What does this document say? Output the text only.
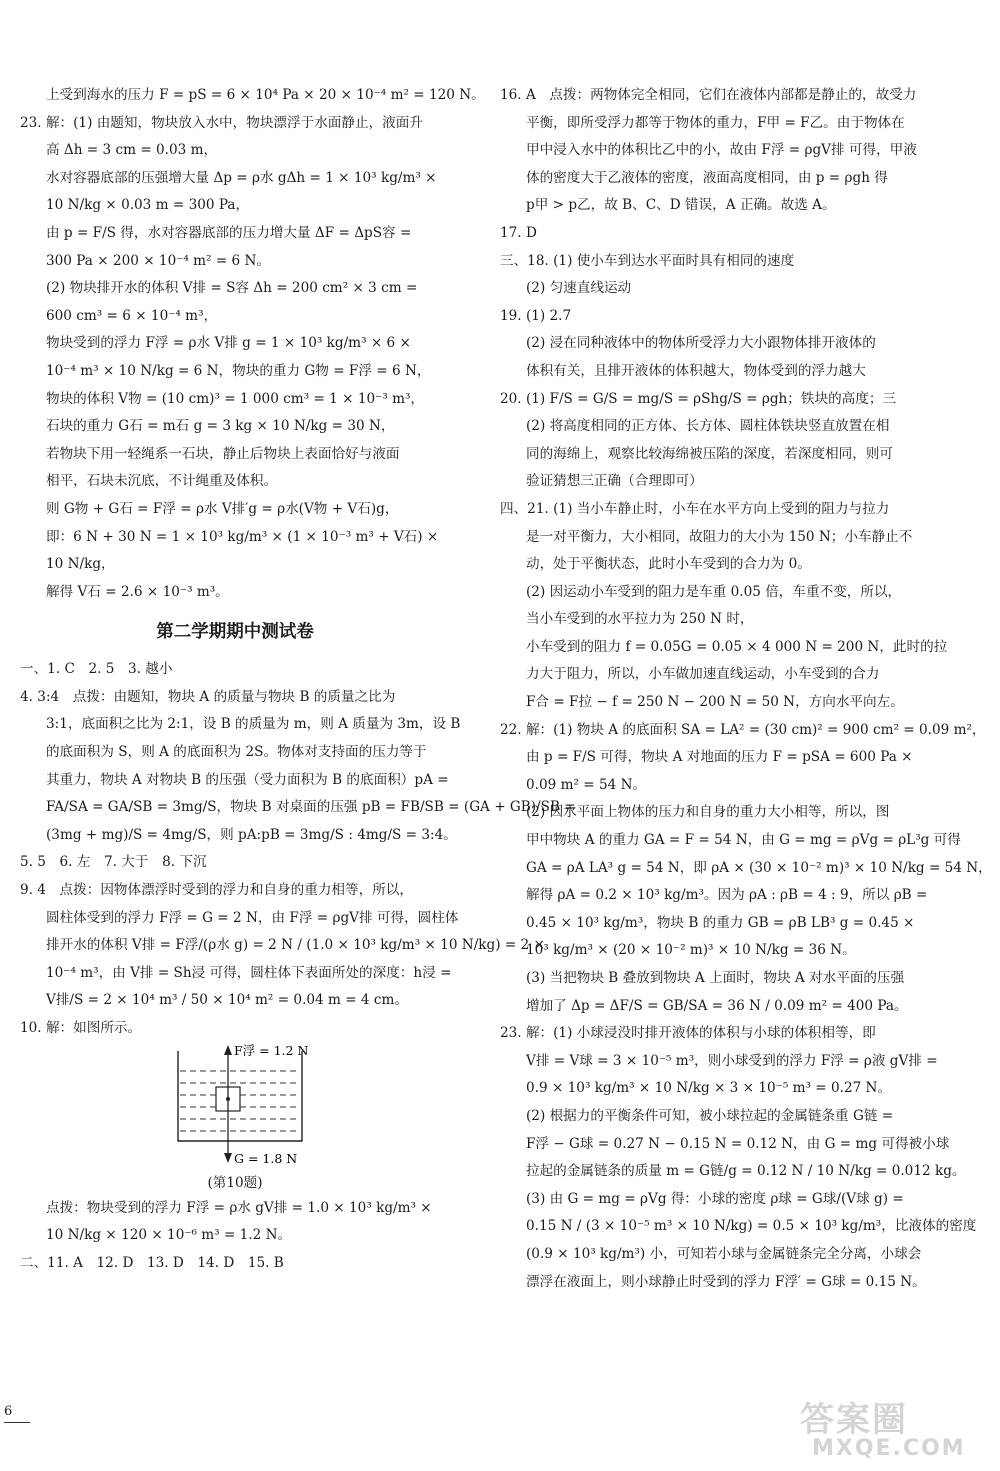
上受到海水的压力 F = pS = 6 × 10⁴ Pa × 20 × 10⁻⁴ m² = 120 N。
23. 解：(1) 由题知，物块放入水中，物块漂浮于水面静止，液面升
高 Δh = 3 cm = 0.03 m，
水对容器底部的压强增大量 Δp = ρ水 gΔh = 1 × 10³ kg/m³ ×
10 N/kg × 0.03 m = 300 Pa，
由 p = F/S 得，水对容器底部的压力增大量 ΔF = ΔpS容 =
300 Pa × 200 × 10⁻⁴ m² = 6 N。
(2) 物块排开水的体积 V排 = S容 Δh = 200 cm² × 3 cm =
600 cm³ = 6 × 10⁻⁴ m³，
物块受到的浮力 F浮 = ρ水 V排 g = 1 × 10³ kg/m³ × 6 ×
10⁻⁴ m³ × 10 N/kg = 6 N，物块的重力 G物 = F浮 = 6 N，
物块的体积 V物 = (10 cm)³ = 1 000 cm³ = 1 × 10⁻³ m³，
石块的重力 G石 = m石 g = 3 kg × 10 N/kg = 30 N，
若物块下用一轻绳系一石块，静止后物块上表面恰好与液面
相平，石块未沉底，不计绳重及体积。
则 G物 + G石 = F浮 = ρ水 V排′g = ρ水(V物 + V石)g，
即：6 N + 30 N = 1 × 10³ kg/m³ × (1 × 10⁻³ m³ + V石) ×
10 N/kg，
解得 V石 = 2.6 × 10⁻³ m³。
第二学期期中测试卷
一、1. C　2. 5　3. 越小
4. 3:4　点拨：由题知，物块 A 的质量与物块 B 的质量之比为
3:1，底面积之比为 2:1，设 B 的质量为 m，则 A 质量为 3m，设 B
的底面积为 S，则 A 的底面积为 2S。物体对支持面的压力等于
其重力，物块 A 对物块 B 的压强（受力面积为 B 的底面积）pA =
FA/SA = GA/SB = 3mg/S，物块 B 对桌面的压强 pB = FB/SB = (GA + GB)/SB =
(3mg + mg)/S = 4mg/S，则 pA:pB = 3mg/S : 4mg/S = 3:4。
5. 5　6. 左　7. 大于　8. 下沉
9. 4　点拨：因物体漂浮时受到的浮力和自身的重力相等，所以，
圆柱体受到的浮力 F浮 = G = 2 N，由 F浮 = ρgV排 可得，圆柱体
排开水的体积 V排 = F浮/(ρ水 g) = 2 N / (1.0 × 10³ kg/m³ × 10 N/kg) = 2 ×
10⁻⁴ m³，由 V排 = Sh浸 可得，圆柱体下表面所处的深度：h浸 =
V排/S = 2 × 10⁴ m³ / 50 × 10⁴ m² = 0.04 m = 4 cm。
10. 解：如图所示。
F浮 = 1.2 N
G = 1.8 N
(第10题)
点拨：物块受到的浮力 F浮 = ρ水 gV排 = 1.0 × 10³ kg/m³ ×
10 N/kg × 120 × 10⁻⁶ m³ = 1.2 N。
二、11. A　12. D　13. D　14. D　15. B
16. A　点拨：两物体完全相同，它们在液体内部都是静止的，故受力
平衡，即所受浮力都等于物体的重力，F甲 = F乙。由于物体在
甲中浸入水中的体积比乙中的小，故由 F浮 = ρgV排 可得，甲液
体的密度大于乙液体的密度，液面高度相同，由 p = ρgh 得
p甲 > p乙，故 B、C、D 错误，A 正确。故选 A。
17. D
三、18. (1) 使小车到达水平面时具有相同的速度
(2) 匀速直线运动
19. (1) 2.7
(2) 浸在同种液体中的物体所受浮力大小跟物体排开液体的
体积有关，且排开液体的体积越大，物体受到的浮力越大
20. (1) F/S = G/S = mg/S = ρShg/S = ρgh；铁块的高度；三
(2) 将高度相同的正方体、长方体、圆柱体铁块竖直放置在相
同的海绵上，观察比较海绵被压陷的深度，若深度相同，则可
验证猜想三正确（合理即可）
四、21. (1) 当小车静止时，小车在水平方向上受到的阻力与拉力
是一对平衡力，大小相同，故阻力的大小为 150 N；小车静止不
动，处于平衡状态，此时小车受到的合力为 0。
(2) 因运动小车受到的阻力是车重 0.05 倍，车重不变，所以，
当小车受到的水平拉力为 250 N 时，
小车受到的阻力 f = 0.05G = 0.05 × 4 000 N = 200 N，此时的拉
力大于阻力，所以，小车做加速直线运动，小车受到的合力
F合 = F拉 − f = 250 N − 200 N = 50 N，方向水平向左。
22. 解：(1) 物块 A 的底面积 SA = LA² = (30 cm)² = 900 cm² = 0.09 m²，
由 p = F/S 可得，物块 A 对地面的压力 F = pSA = 600 Pa ×
0.09 m² = 54 N。
(2) 因水平面上物体的压力和自身的重力大小相等，所以，图
甲中物块 A 的重力 GA = F = 54 N，由 G = mg = ρVg = ρL³g 可得
GA = ρA LA³ g = 54 N，即 ρA × (30 × 10⁻² m)³ × 10 N/kg = 54 N，
解得 ρA = 0.2 × 10³ kg/m³。因为 ρA : ρB = 4 : 9，所以 ρB =
0.45 × 10³ kg/m³，物块 B 的重力 GB = ρB LB³ g = 0.45 ×
10³ kg/m³ × (20 × 10⁻² m)³ × 10 N/kg = 36 N。
(3) 当把物块 B 叠放到物块 A 上面时，物块 A 对水平面的压强
增加了 Δp = ΔF/S = GB/SA = 36 N / 0.09 m² = 400 Pa。
23. 解：(1) 小球浸没时排开液体的体积与小球的体积相等，即
V排 = V球 = 3 × 10⁻⁵ m³，则小球受到的浮力 F浮 = ρ液 gV排 =
0.9 × 10³ kg/m³ × 10 N/kg × 3 × 10⁻⁵ m³ = 0.27 N。
(2) 根据力的平衡条件可知，被小球拉起的金属链条重 G链 =
F浮 − G球 = 0.27 N − 0.15 N = 0.12 N，由 G = mg 可得被小球
拉起的金属链条的质量 m = G链/g = 0.12 N / 10 N/kg = 0.012 kg。
(3) 由 G = mg = ρVg 得：小球的密度 ρ球 = G球/(V球 g) =
0.15 N / (3 × 10⁻⁵ m³ × 10 N/kg) = 0.5 × 10³ kg/m³，比液体的密度
(0.9 × 10³ kg/m³) 小，可知若小球与金属链条完全分离，小球会
漂浮在液面上，则小球静止时受到的浮力 F浮′ = G球 = 0.15 N。
6	答案圈
MXQE.COM
